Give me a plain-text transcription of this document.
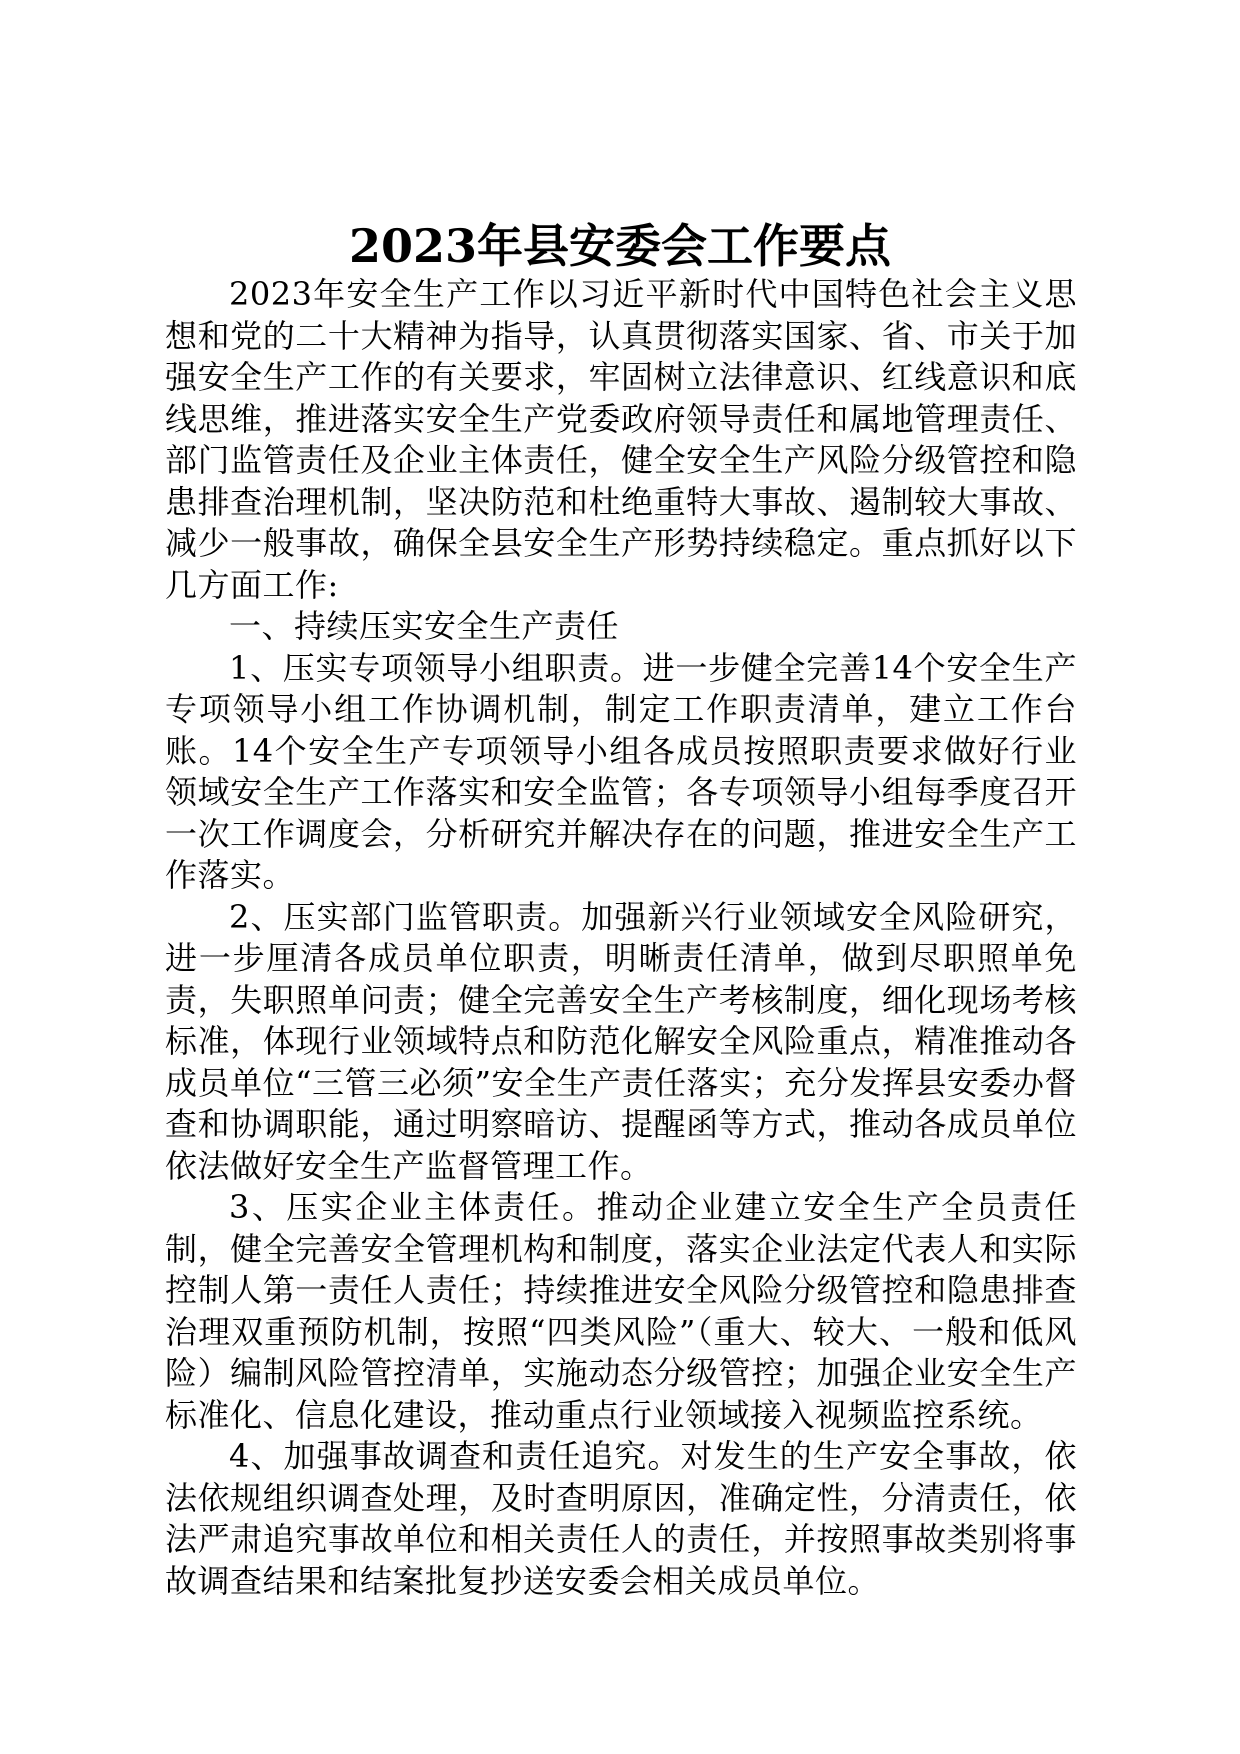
2023年县安委会工作要点

2023年安全生产工作以习近平新时代中国特色社会主义思想和党的二十大精神为指导，认真贯彻落实国家、省、市关于加强安全生产工作的有关要求，牢固树立法律意识、红线意识和底线思维，推进落实安全生产党委政府领导责任和属地管理责任、部门监管责任及企业主体责任，健全安全生产风险分级管控和隐患排查治理机制，坚决防范和杜绝重特大事故、遏制较大事故、减少一般事故，确保全县安全生产形势持续稳定。重点抓好以下几方面工作:

一、持续压实安全生产责任

1、压实专项领导小组职责。进一步健全完善14个安全生产专项领导小组工作协调机制，制定工作职责清单，建立工作台账。14个安全生产专项领导小组各成员按照职责要求做好行业领域安全生产工作落实和安全监管；各专项领导小组每季度召开一次工作调度会，分析研究并解决存在的问题，推进安全生产工作落实。

2、压实部门监管职责。加强新兴行业领域安全风险研究，进一步厘清各成员单位职责，明晰责任清单，做到尽职照单免责，失职照单问责；健全完善安全生产考核制度，细化现场考核标准，体现行业领域特点和防范化解安全风险重点，精准推动各成员单位“三管三必须”安全生产责任落实；充分发挥县安委办督查和协调职能，通过明察暗访、提醒函等方式，推动各成员单位依法做好安全生产监督管理工作。

3、压实企业主体责任。推动企业建立安全生产全员责任制，健全完善安全管理机构和制度，落实企业法定代表人和实际控制人第一责任人责任；持续推进安全风险分级管控和隐患排查治理双重预防机制，按照“四类风险”（重大、较大、一般和低风险）编制风险管控清单，实施动态分级管控；加强企业安全生产标准化、信息化建设，推动重点行业领域接入视频监控系统。

4、加强事故调查和责任追究。对发生的生产安全事故，依法依规组织调查处理，及时查明原因，准确定性，分清责任，依法严肃追究事故单位和相关责任人的责任，并按照事故类别将事故调查结果和结案批复抄送安委会相关成员单位。
